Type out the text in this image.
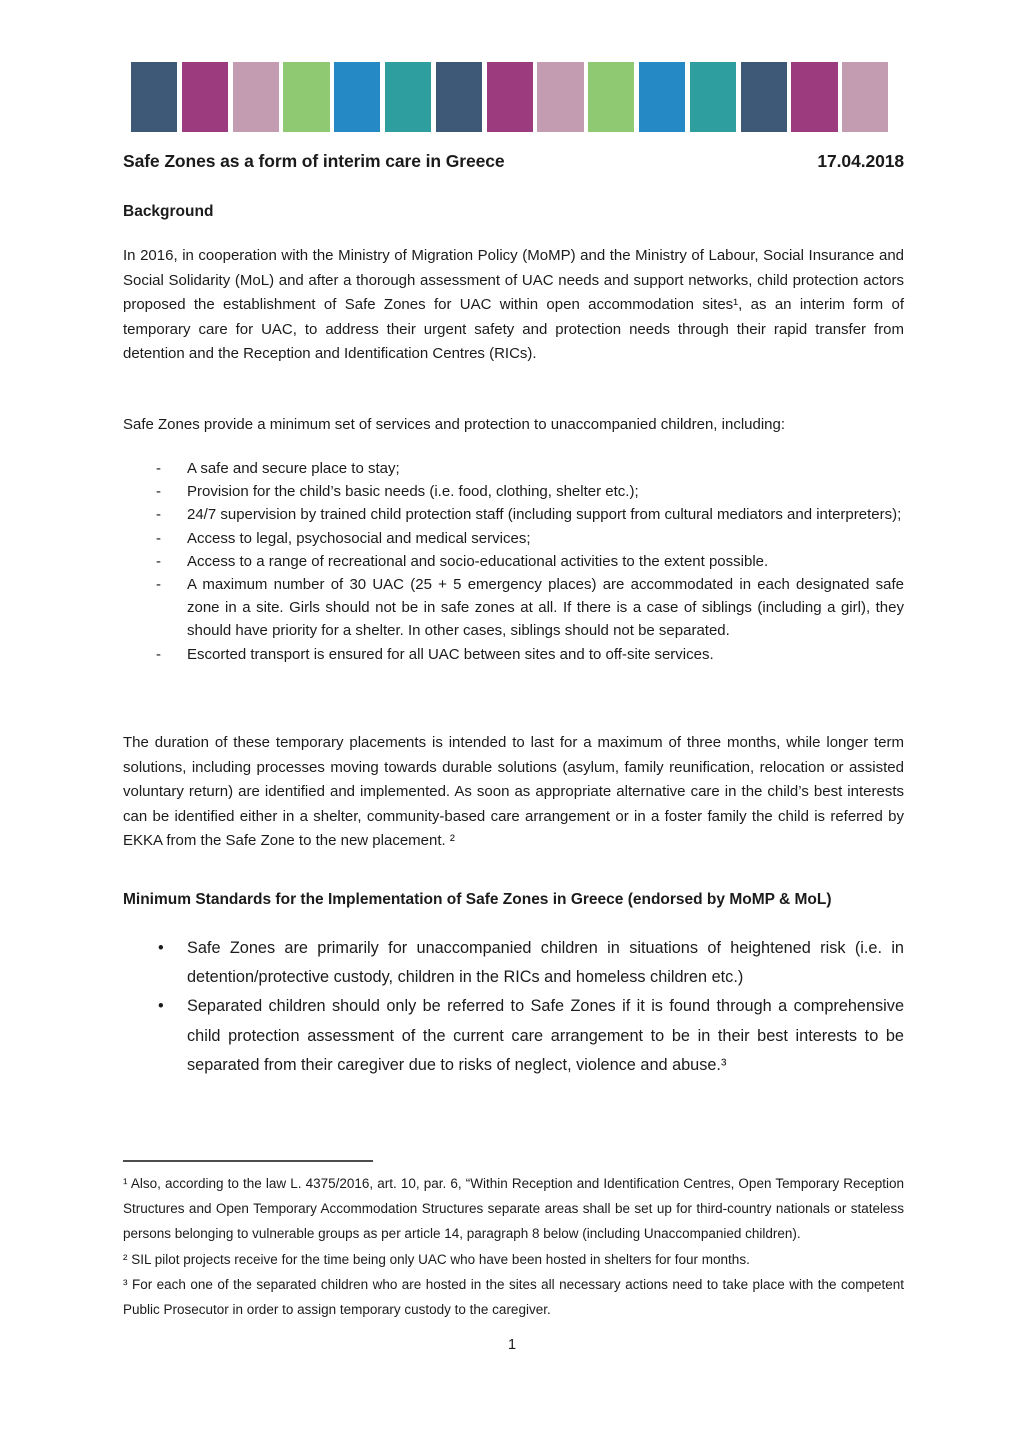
Safe Zones as a form of interim care in Greece	17.04.2018
Background
In 2016, in cooperation with the Ministry of Migration Policy (MoMP) and the Ministry of Labour, Social Insurance and Social Solidarity (MoL) and after a thorough assessment of UAC needs and support networks, child protection actors proposed the establishment of Safe Zones for UAC within open accommodation sites¹, as an interim form of temporary care for UAC, to address their urgent safety and protection needs through their rapid transfer from detention and the Reception and Identification Centres (RICs).
Safe Zones provide a minimum set of services and protection to unaccompanied children, including:
- A safe and secure place to stay;
- Provision for the child’s basic needs (i.e. food, clothing, shelter etc.);
- 24/7 supervision by trained child protection staff (including support from cultural mediators and interpreters);
- Access to legal, psychosocial and medical services;
- Access to a range of recreational and socio-educational activities to the extent possible.
- A maximum number of 30 UAC (25 + 5 emergency places) are accommodated in each designated safe zone in a site. Girls should not be in safe zones at all. If there is a case of siblings (including a girl), they should have priority for a shelter. In other cases, siblings should not be separated.
- Escorted transport is ensured for all UAC between sites and to off-site services.
The duration of these temporary placements is intended to last for a maximum of three months, while longer term solutions, including processes moving towards durable solutions (asylum, family reunification, relocation or assisted voluntary return) are identified and implemented. As soon as appropriate alternative care in the child’s best interests can be identified either in a shelter, community-based care arrangement or in a foster family the child is referred by EKKA from the Safe Zone to the new placement. ²
Minimum Standards for the Implementation of Safe Zones in Greece (endorsed by MoMP & MoL)
• Safe Zones are primarily for unaccompanied children in situations of heightened risk (i.e. in detention/protective custody, children in the RICs and homeless children etc.)
• Separated children should only be referred to Safe Zones if it is found through a comprehensive child protection assessment of the current care arrangement to be in their best interests to be separated from their caregiver due to risks of neglect, violence and abuse.³
¹ Also, according to the law L. 4375/2016, art. 10, par. 6, “Within Reception and Identification Centres, Open Temporary Reception Structures and Open Temporary Accommodation Structures separate areas shall be set up for third-country nationals or stateless persons belonging to vulnerable groups as per article 14, paragraph 8 below (including Unaccompanied children).
² SIL pilot projects receive for the time being only UAC who have been hosted in shelters for four months.
³ For each one of the separated children who are hosted in the sites all necessary actions need to take place with the competent Public Prosecutor in order to assign temporary custody to the caregiver.
1
